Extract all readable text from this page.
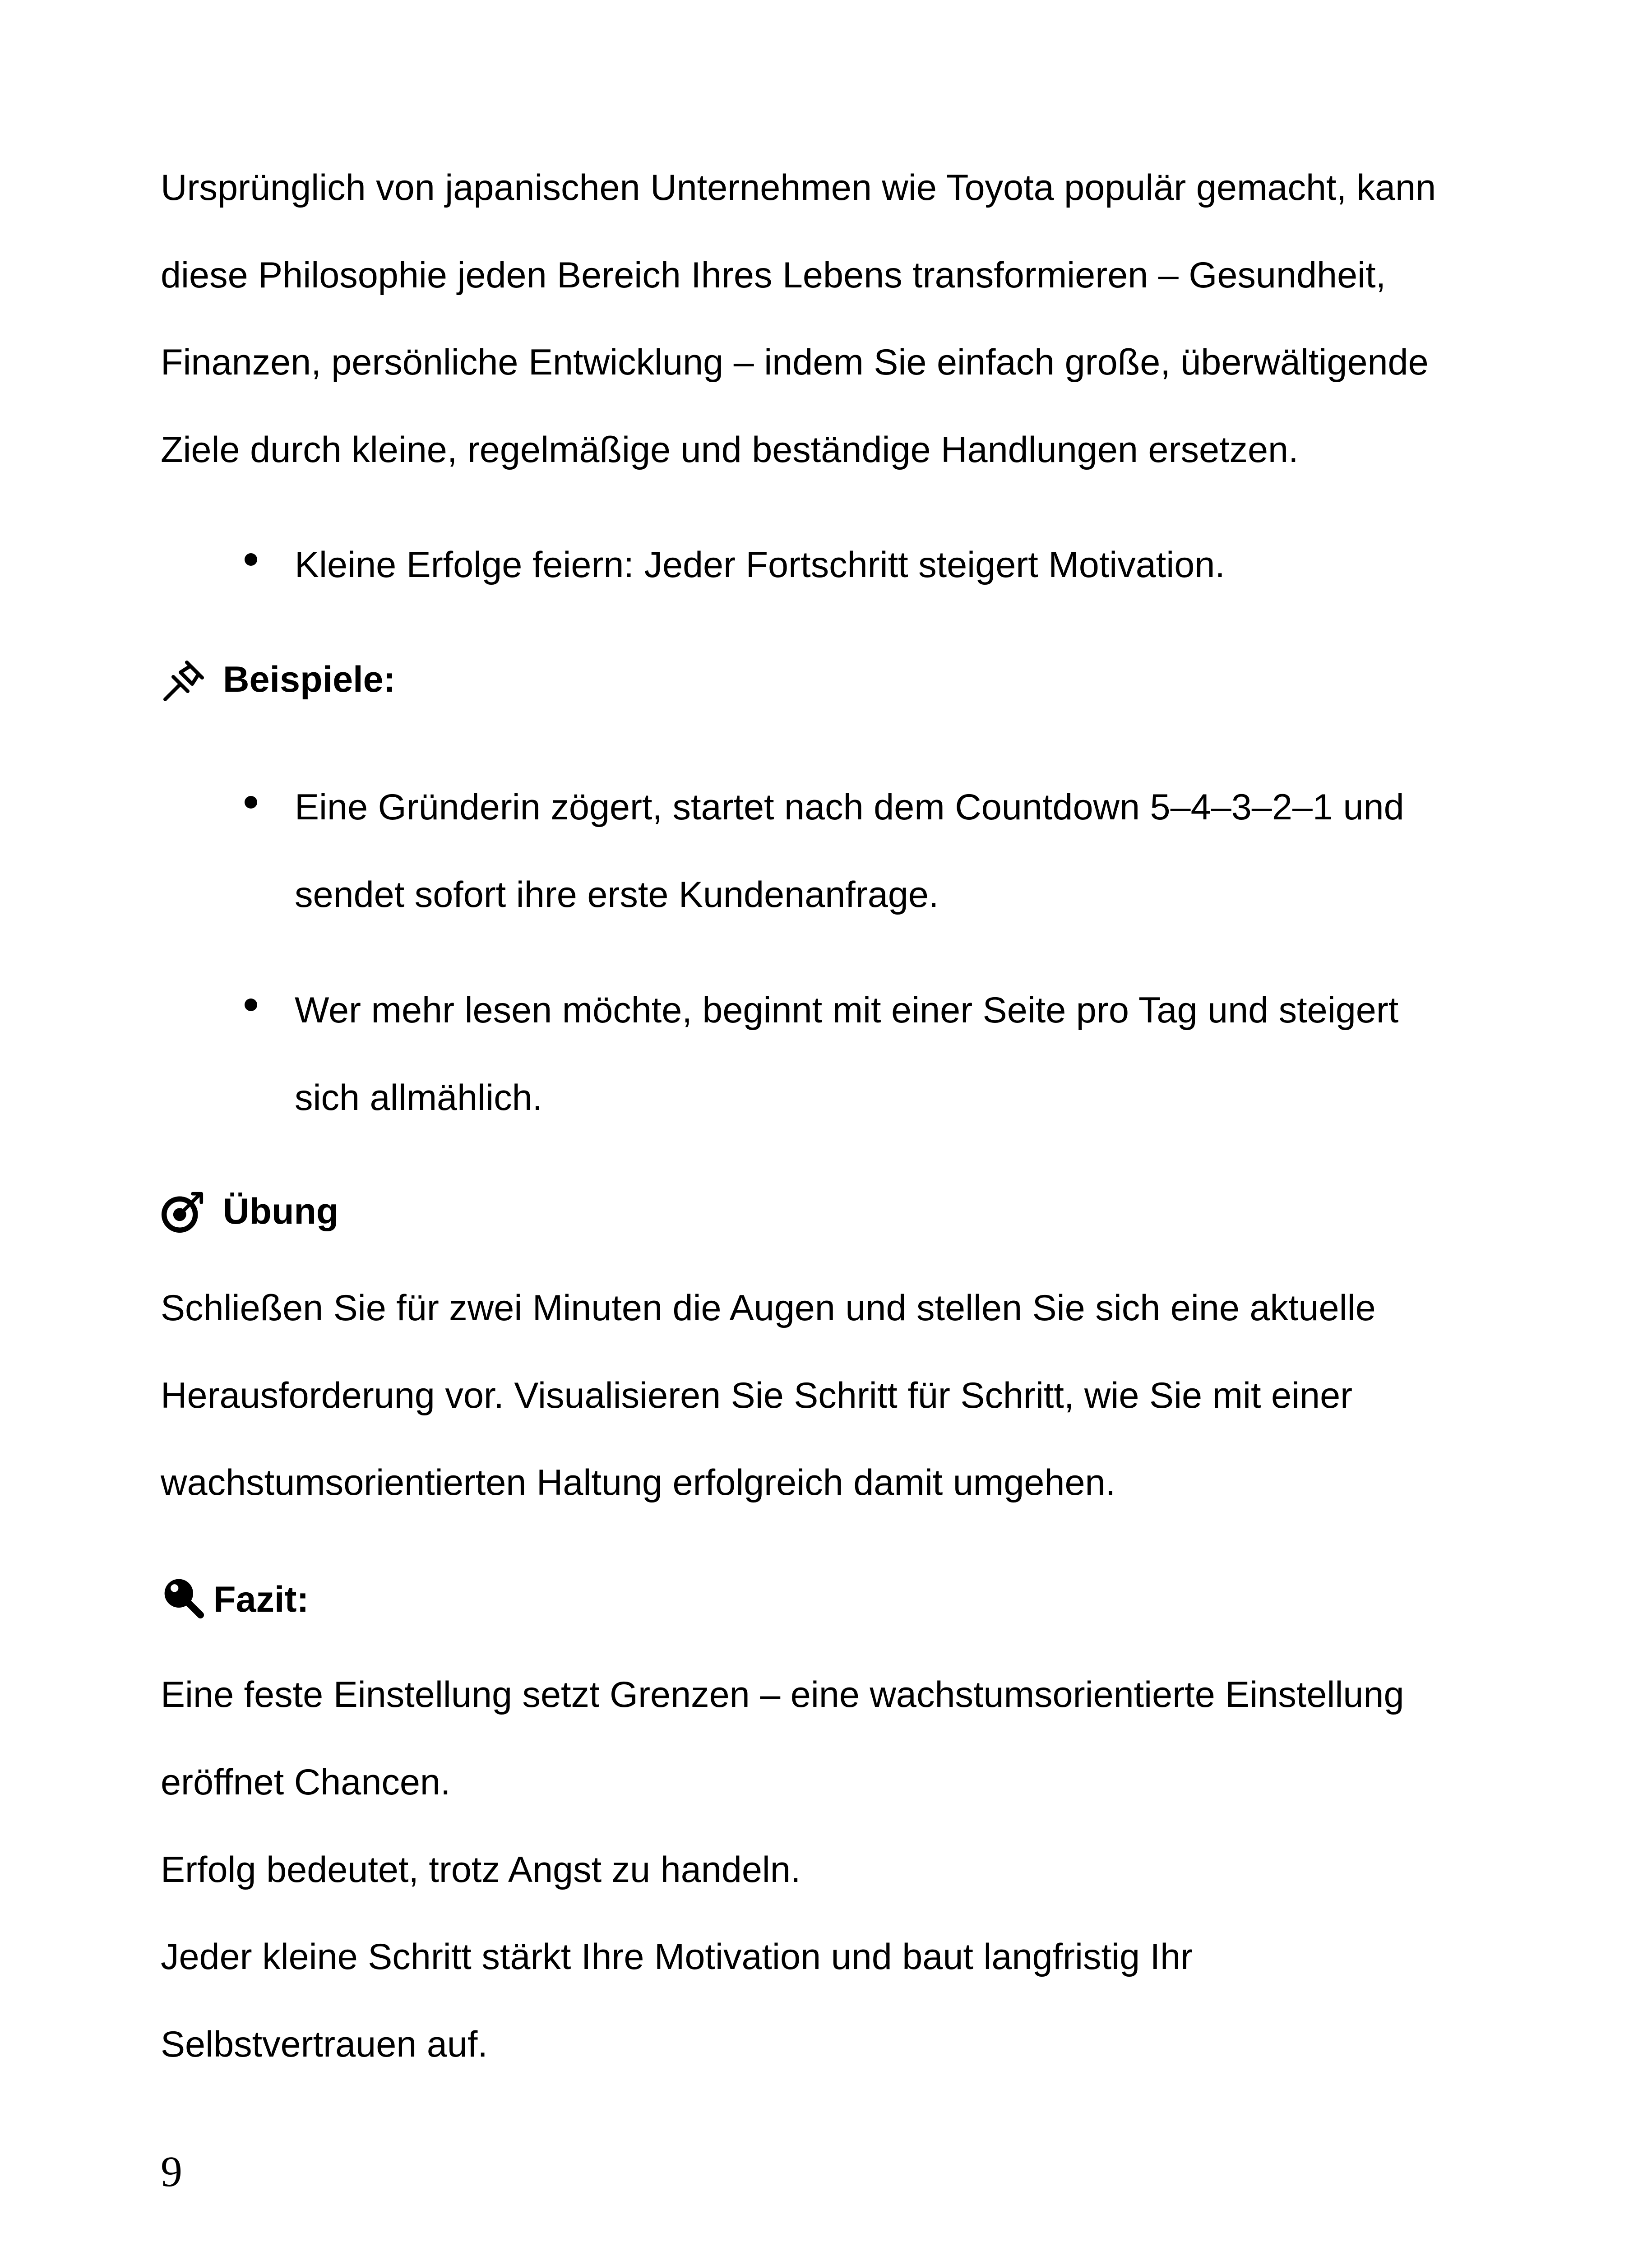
Ursprünglich von japanischen Unternehmen wie Toyota populär gemacht, kann
diese Philosophie jeden Bereich Ihres Lebens transformieren – Gesundheit,
Finanzen, persönliche Entwicklung – indem Sie einfach große, überwältigende
Ziele durch kleine, regelmäßige und beständige Handlungen ersetzen.
Kleine Erfolge feiern: Jeder Fortschritt steigert Motivation.
Beispiele:
Eine Gründerin zögert, startet nach dem Countdown 5–4–3–2–1 und
sendet sofort ihre erste Kundenanfrage.
Wer mehr lesen möchte, beginnt mit einer Seite pro Tag und steigert
sich allmählich.
Übung
Schließen Sie für zwei Minuten die Augen und stellen Sie sich eine aktuelle
Herausforderung vor. Visualisieren Sie Schritt für Schritt, wie Sie mit einer
wachstumsorientierten Haltung erfolgreich damit umgehen.
Fazit:
Eine feste Einstellung setzt Grenzen – eine wachstumsorientierte Einstellung
eröffnet Chancen.
Erfolg bedeutet, trotz Angst zu handeln.
Jeder kleine Schritt stärkt Ihre Motivation und baut langfristig Ihr
Selbstvertrauen auf.
9
